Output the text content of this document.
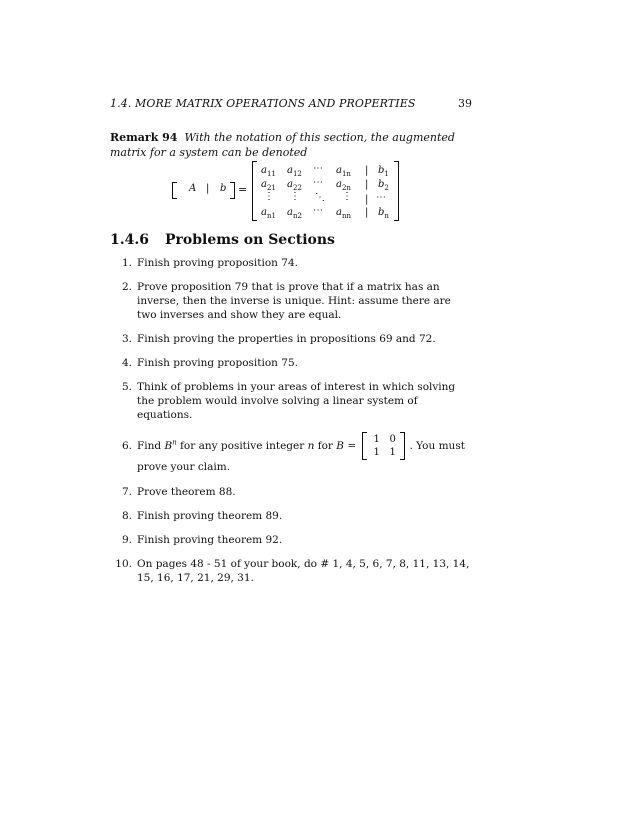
1.4. MORE MATRIX OPERATIONS AND PROPERTIES	39
Remark 94 With the notation of this section, the augmented matrix for a system can be denoted
A | b =
$a_{11}$ $a_{12}$ ⋯ $a_{1n}$ | $b_1$
$a_{21}$ $a_{22}$ ⋯ $a_{2n}$ | $b_2$
⋮ ⋮ ⋱ ⋮ | ⋯
$a_{n1}$ $a_{n2}$ ⋯ $a_{nn}$ | $b_n$
1.4.6 Problems on Sections
1. Finish proving proposition 74.
2. Prove proposition 79 that is prove that if a matrix has an inverse, then the inverse is unique. Hint: assume there are two inverses and show they are equal.
3. Finish proving the properties in propositions 69 and 72.
4. Finish proving proposition 75.
5. Think of problems in your areas of interest in which solving the problem would involve solving a linear system of equations.
6. Find $B^n$ for any positive integer n for B =
1 0
1 1
. You must prove your claim.
7. Prove theorem 88.
8. Finish proving theorem 89.
9. Finish proving theorem 92.
10. On pages 48 - 51 of your book, do # 1, 4, 5, 6, 7, 8, 11, 13, 14, 15, 16, 17, 21, 29, 31.
